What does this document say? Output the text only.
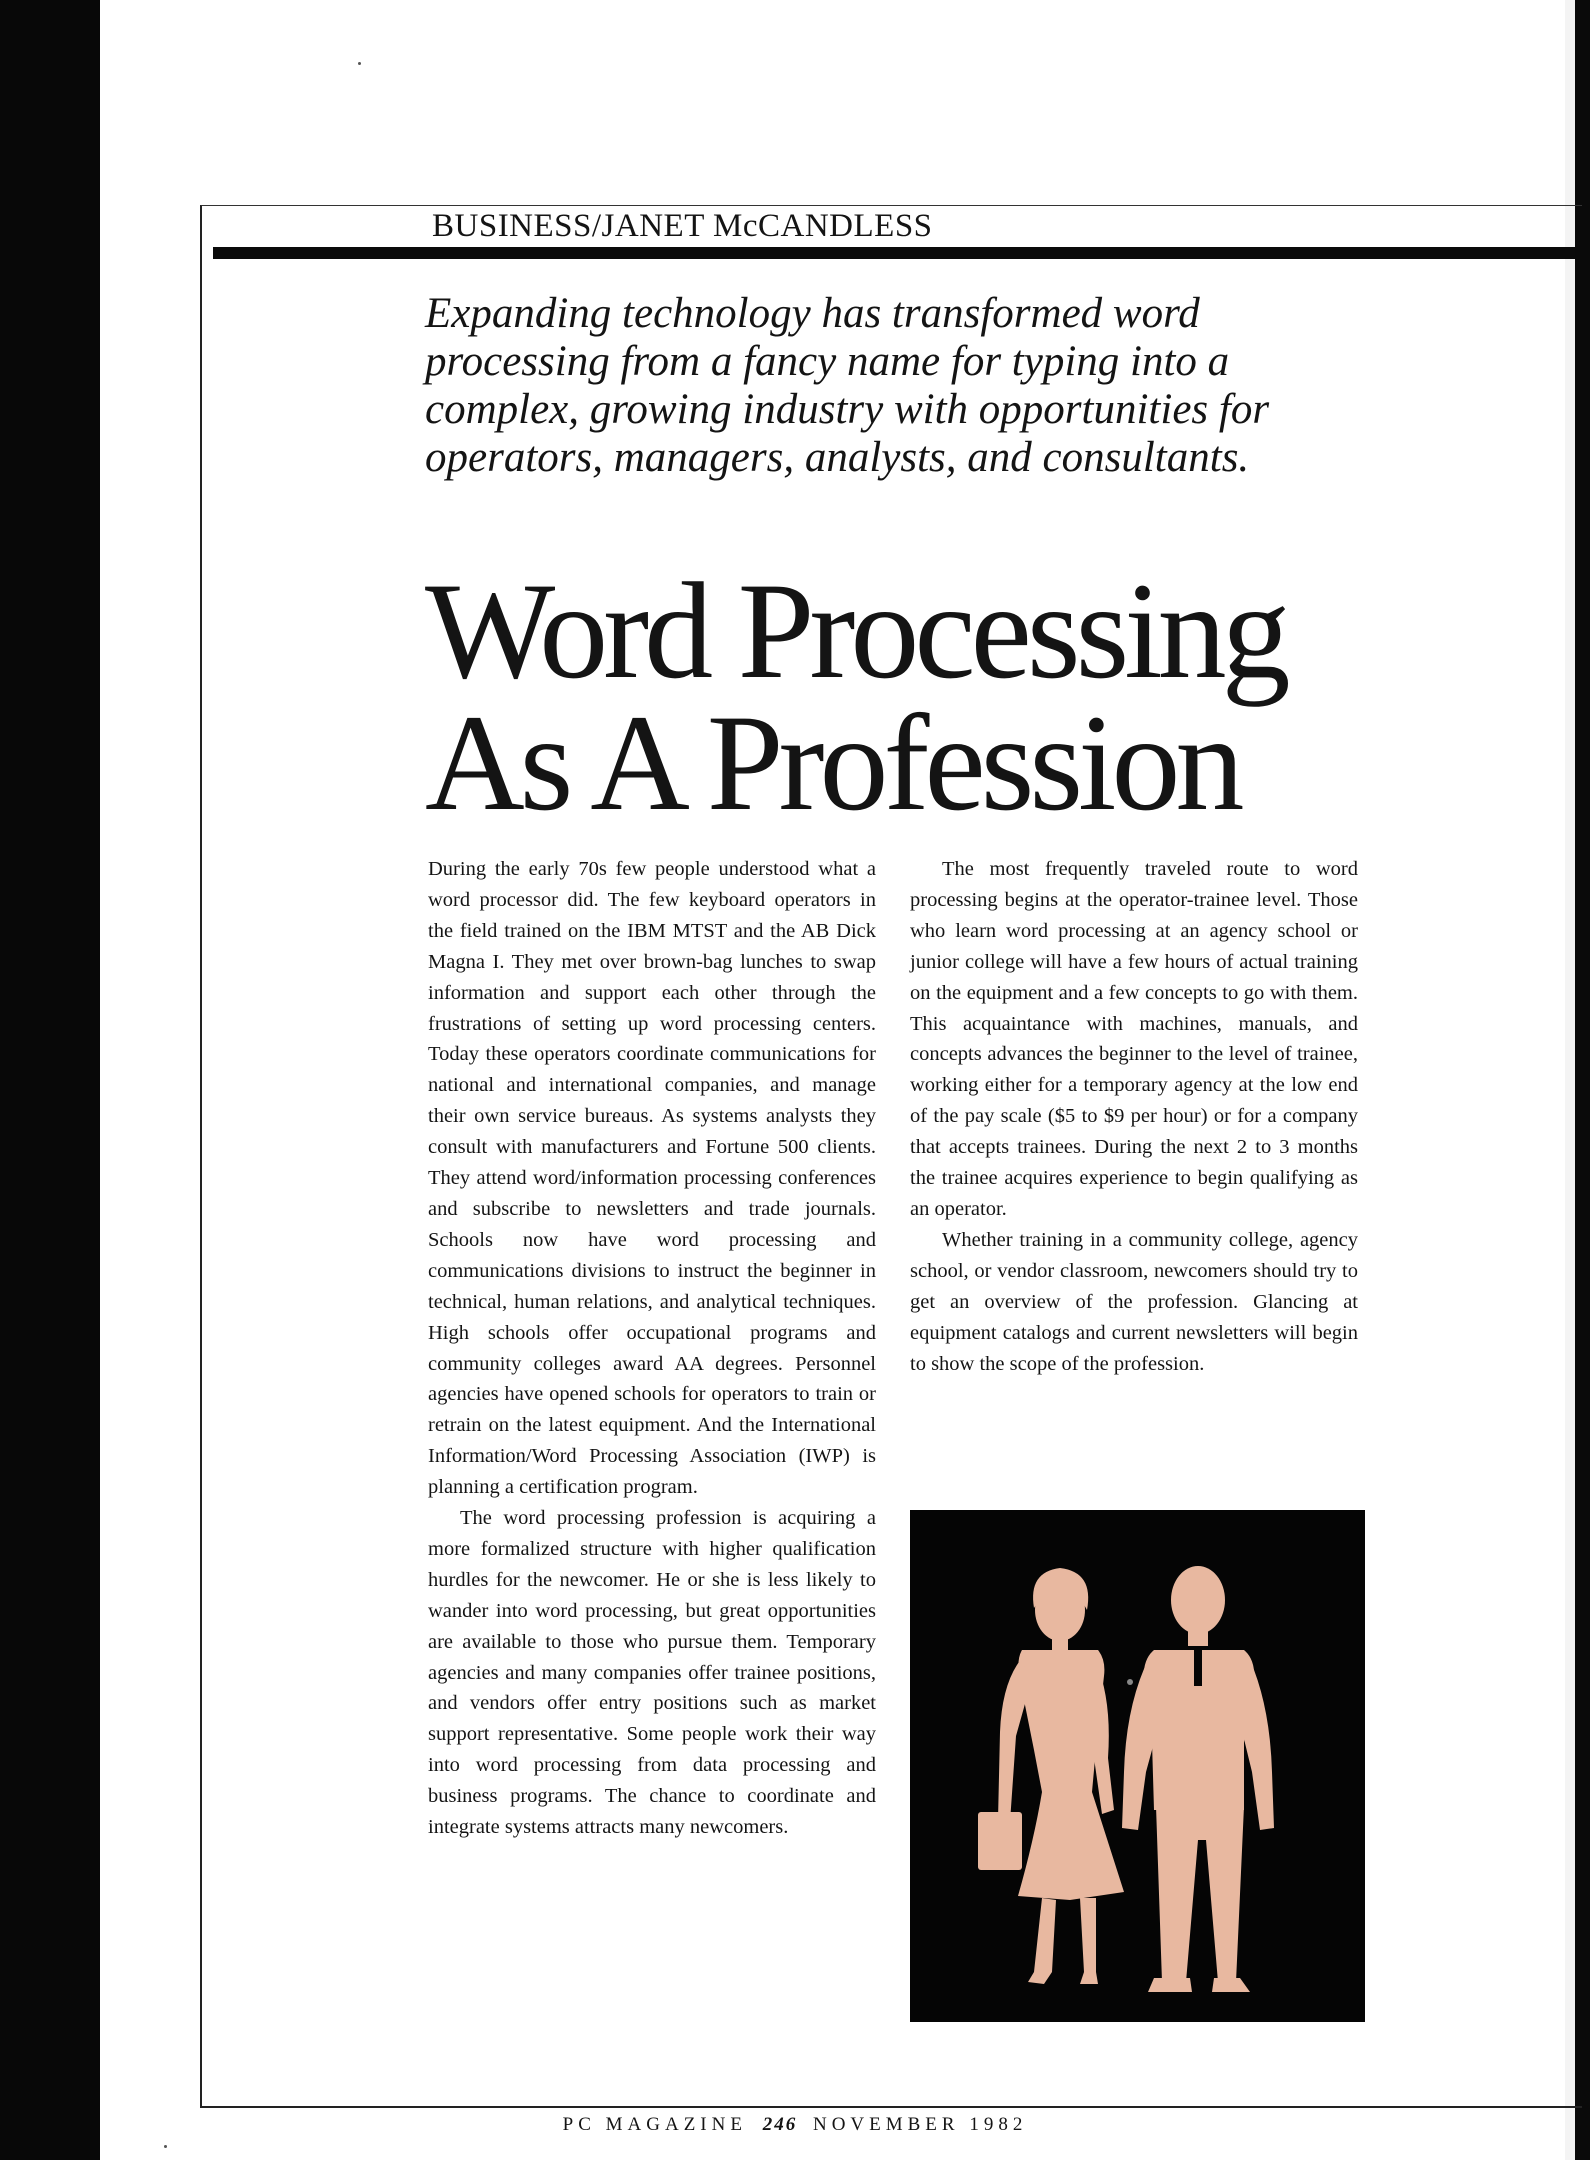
BUSINESS/JANET McCANDLESS
Expanding technology has transformed word processing from a fancy name for typing into a complex, growing industry with opportunities for operators, managers, analysts, and consultants.
Word Processing
As A Profession

During the early 70s few people understood what a word processor did. The few keyboard operators in the field trained on the IBM MTST and the AB Dick Magna I. They met over brown-bag lunches to swap information and support each other through the frustrations of setting up word processing centers. Today these operators coordinate communications for national and international companies, and manage their own service bureaus. As systems analysts they consult with manufacturers and Fortune 500 clients. They attend word/information processing conferences and subscribe to newsletters and trade journals. Schools now have word processing and communications divisions to instruct the beginner in technical, human relations, and analytical techniques. High schools offer occupational programs and community colleges award AA degrees. Personnel agencies have opened schools for operators to train or retrain on the latest equipment. And the International Information/Word Processing Association (IWP) is planning a certification program.

The word processing profession is acquiring a more formalized structure with higher qualification hurdles for the newcomer. He or she is less likely to wander into word processing, but great opportunities are available to those who pursue them. Temporary agencies and many companies offer trainee positions, and vendors offer entry positions such as market support representative. Some people work their way into word processing from data processing and business programs. The chance to coordinate and integrate systems attracts many newcomers.

The most frequently traveled route to word processing begins at the operator-trainee level. Those who learn word processing at an agency school or junior college will have a few hours of actual training on the equipment and a few concepts to go with them. This acquaintance with machines, manuals, and concepts advances the beginner to the level of trainee, working either for a temporary agency at the low end of the pay scale ($5 to $9 per hour) or for a company that accepts trainees. During the next 2 to 3 months the trainee acquires experience to begin qualifying as an operator.

Whether training in a community college, agency school, or vendor classroom, newcomers should try to get an overview of the profession. Glancing at equipment catalogs and current newsletters will begin to show the scope of the profession.

PC MAGAZINE 246 NOVEMBER 1982
